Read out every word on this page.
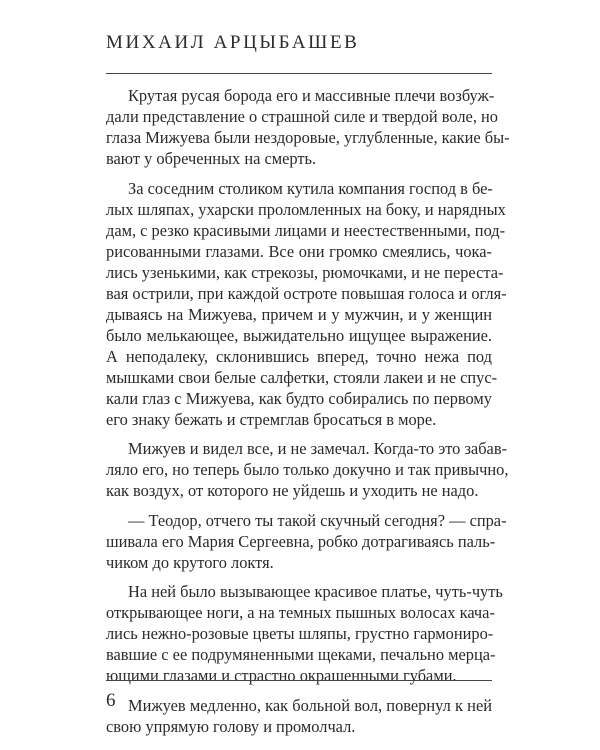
МИХАИЛ АРЦЫБАШЕВ
Крутая русая борода его и массивные плечи возбуж-
дали представление о страшной силе и твердой воле, но
глаза Мижуева были нездоровые, углубленные, какие бы-
вают у обреченных на смерть.
За соседним столиком кутила компания господ в бе-
лых шляпах, ухарски проломленных на боку, и нарядных
дам, с резко красивыми лицами и неестественными, под-
рисованными глазами. Все они громко смеялись, чока-
лись узенькими, как стрекозы, рюмочками, и не переста-
вая острили, при каждой остроте повышая голоса и огля-
дываясь на Мижуева, причем и у мужчин, и у женщин
было мелькающее, выжидательно ищущее выражение.
А неподалеку, склонившись вперед, точно нежа под
мышками свои белые салфетки, стояли лакеи и не спус-
кали глаз с Мижуева, как будто собирались по первому
его знаку бежать и стремглав бросаться в море.
Мижуев и видел все, и не замечал. Когда-то это забав-
ляло его, но теперь было только докучно и так привычно,
как воздух, от которого не уйдешь и уходить не надо.
— Теодор, отчего ты такой скучный сегодня? — спра-
шивала его Мария Сергеевна, робко дотрагиваясь паль-
чиком до крутого локтя.
На ней было вызывающее красивое платье, чуть-чуть
открывающее ноги, а на темных пышных волосах кача-
лись нежно-розовые цветы шляпы, грустно гармониро-
вавшие с ее подрумяненными щеками, печально мерца-
ющими глазами и страстно окрашенными губами.
Мижуев медленно, как больной вол, повернул к ней
свою упрямую голову и промолчал.
6
